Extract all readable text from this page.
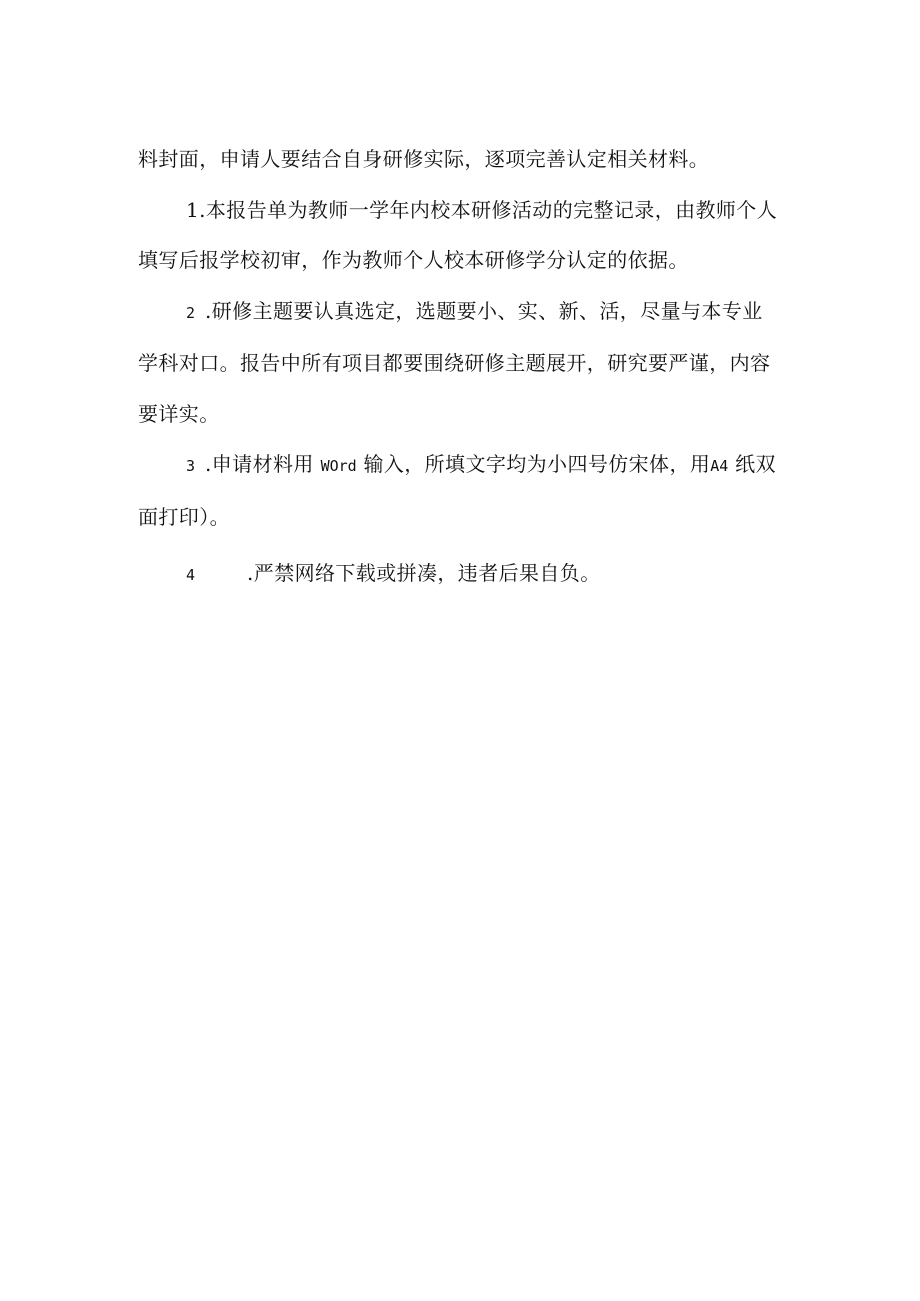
料封面，申请人要结合自身研修实际，逐项完善认定相关材料。
1.本报告单为教师一学年内校本研修活动的完整记录，由教师个人
填写后报学校初审，作为教师个人校本研修学分认定的依据。
2 .研修主题要认真选定，选题要小、实、新、活，尽量与本专业
学科对口。报告中所有项目都要围绕研修主题展开，研究要严谨，内容
要详实。
3 .申请材料用 WOrd 输入，所填文字均为小四号仿宋体，用A4 纸双
面打印）。
4	.严禁网络下载或拼凑，违者后果自负。
